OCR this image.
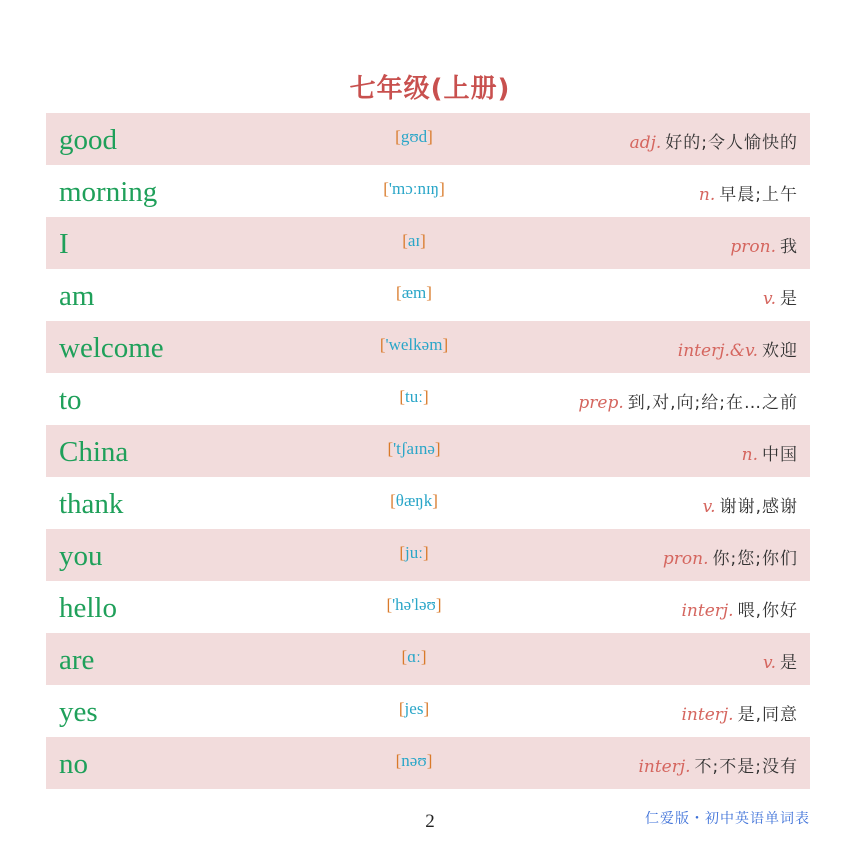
七年级(上册)
good	[gʊd]	adj. 好的;令人愉快的
morning	['mɔːnɪŋ]	n. 早晨;上午
I	[aɪ]	pron. 我
am	[æm]	v. 是
welcome	['welkəm]	interj.&v. 欢迎
to	[tuː]	prep. 到,对,向;给;在…之前
China	['tʃaɪnə]	n. 中国
thank	[θæŋk]	v. 谢谢,感谢
you	[juː]	pron. 你;您;你们
hello	['hə'ləʊ]	interj. 喂,你好
are	[ɑː]	v. 是
yes	[jes]	interj. 是,同意
no	[nəʊ]	interj. 不;不是;没有
2	仁爱版・初中英语单词表
